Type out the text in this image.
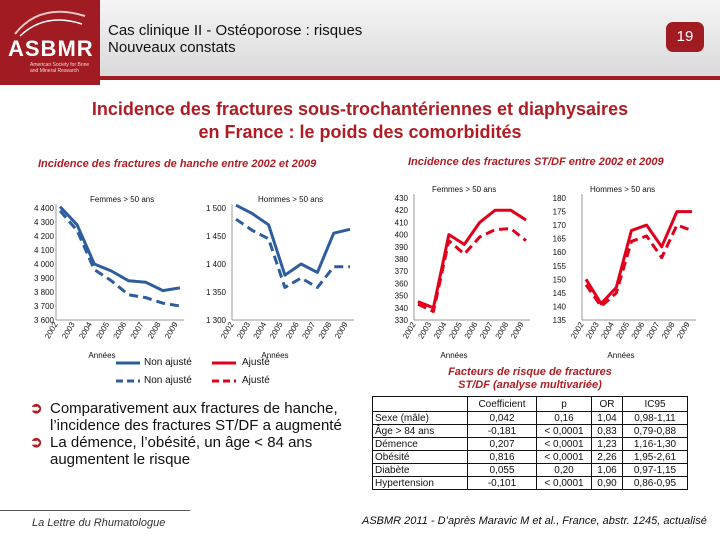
ASBMR
American Society for Bone and Mineral Research
Cas clinique II - Ostéoporose : risques
Nouveaux constats
19
Incidence des fractures sous-trochantériennes et diaphysaires
en France : le poids des comorbidités
Incidence des fractures de hanche entre 2002 et 2009	Incidence des fractures ST/DF entre 2002 et 2009
3 600
3 700
3 800
3 900
4 000
4 100
4 200
4 300
4 400
2002 2003 2004 2005 2006 2007 2008 2009
Années
Femmes > 50 ans
1 300
1 350
1 400
1 450
1 500
2002 2003 2004 2005 2006 2007 2008 2009
Années
Hommes > 50 ans
330
340
350
360
370
380
390
400
410
420
430
2002
2003
2004
2005
2006
2007
2008
2009
Années
Femmes > 50 ans
135
140
145
150
155
160
165
170
175
180
2002
2003
2004
2005
2006
2007
2008
2009
Années
Hommes > 50 ans
Non ajusté
Non ajusté
Ajusté
Ajusté
➲ Comparativement aux fractures de hanche, l’incidence des fractures ST/DF a augmenté
➲ La démence, l’obésité, un âge < 84 ans augmentent le risque
Facteurs de risque de fractures
ST/DF (analyse multivariée)
	Coefficient	p	OR	IC95
Sexe (mâle)	0,042	0,16	1,04	0,98-1,11
Âge > 84 ans	-0,181	< 0,0001	0,83	0,79-0,88
Démence	0,207	< 0,0001	1,23	1,16-1,30
Obésité	0,816	< 0,0001	2,26	1,95-2,61
Diabète	0,055	0,20	1,06	0,97-1,15
Hypertension	-0,101	< 0,0001	0,90	0,86-0,95
La Lettre du Rhumatologue	ASBMR 2011 - D’après Maravic M et al., France, abstr. 1245, actualisé
